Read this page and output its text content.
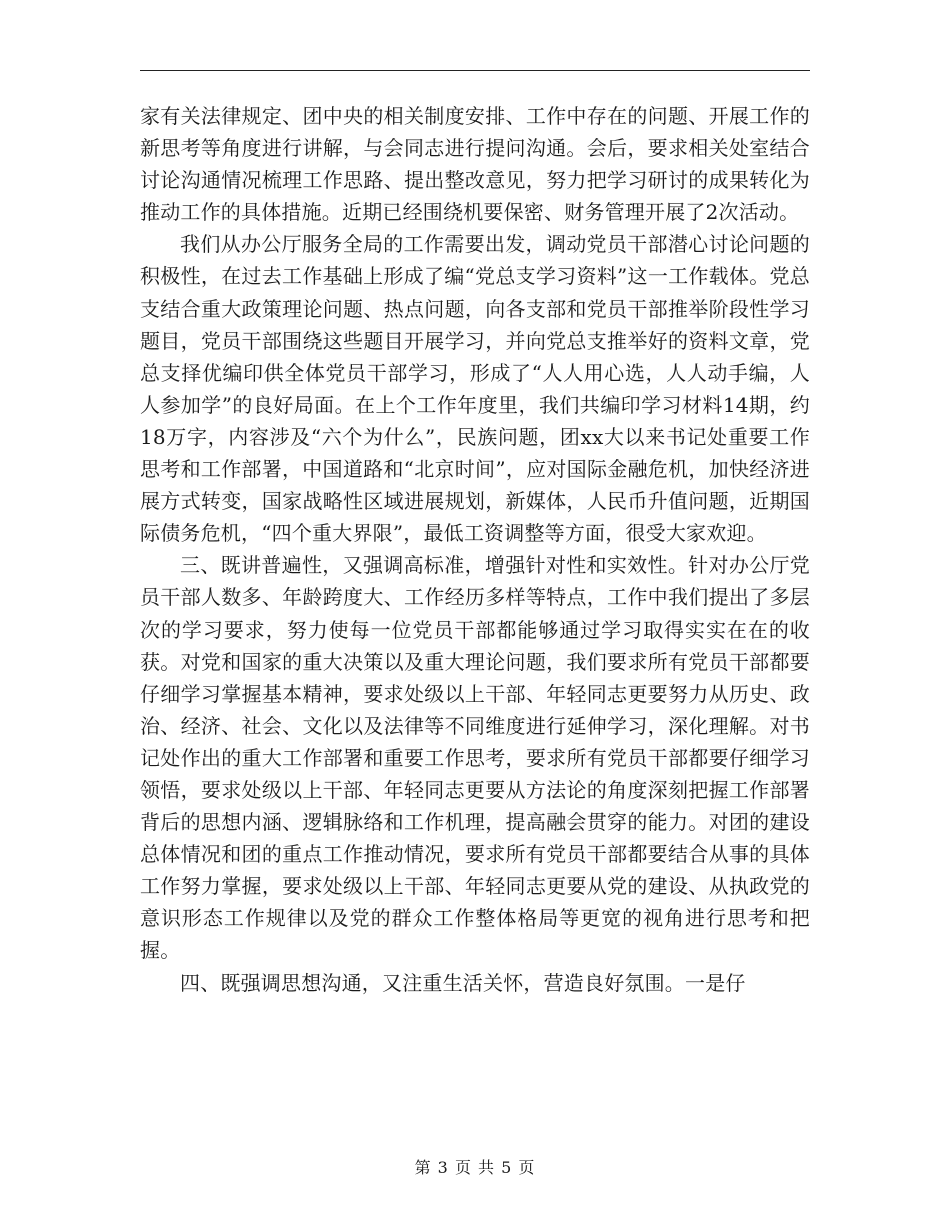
家有关法律规定、团中央的相关制度安排、工作中存在的问题、开展工作的新思考等角度进行讲解，与会同志进行提问沟通。会后，要求相关处室结合讨论沟通情况梳理工作思路、提出整改意见，努力把学习研讨的成果转化为推动工作的具体措施。近期已经围绕机要保密、财务管理开展了2次活动。

我们从办公厅服务全局的工作需要出发，调动党员干部潜心讨论问题的积极性，在过去工作基础上形成了编“党总支学习资料”这一工作载体。党总支结合重大政策理论问题、热点问题，向各支部和党员干部推举阶段性学习题目，党员干部围绕这些题目开展学习，并向党总支推举好的资料文章，党总支择优编印供全体党员干部学习，形成了“人人用心选，人人动手编，人人参加学”的良好局面。在上个工作年度里，我们共编印学习材料14期，约18万字，内容涉及“六个为什么”，民族问题，团xx大以来书记处重要工作思考和工作部署，中国道路和“北京时间”，应对国际金融危机，加快经济进展方式转变，国家战略性区域进展规划，新媒体，人民币升值问题，近期国际债务危机，“四个重大界限”，最低工资调整等方面，很受大家欢迎。

三、既讲普遍性，又强调高标准，增强针对性和实效性。针对办公厅党员干部人数多、年龄跨度大、工作经历多样等特点，工作中我们提出了多层次的学习要求，努力使每一位党员干部都能够通过学习取得实实在在的收获。对党和国家的重大决策以及重大理论问题，我们要求所有党员干部都要仔细学习掌握基本精神，要求处级以上干部、年轻同志更要努力从历史、政治、经济、社会、文化以及法律等不同维度进行延伸学习，深化理解。对书记处作出的重大工作部署和重要工作思考，要求所有党员干部都要仔细学习领悟，要求处级以上干部、年轻同志更要从方法论的角度深刻把握工作部署背后的思想内涵、逻辑脉络和工作机理，提高融会贯穿的能力。对团的建设总体情况和团的重点工作推动情况，要求所有党员干部都要结合从事的具体工作努力掌握，要求处级以上干部、年轻同志更要从党的建设、从执政党的意识形态工作规律以及党的群众工作整体格局等更宽的视角进行思考和把握。

四、既强调思想沟通，又注重生活关怀，营造良好氛围。一是仔

第 3 页 共 5 页
